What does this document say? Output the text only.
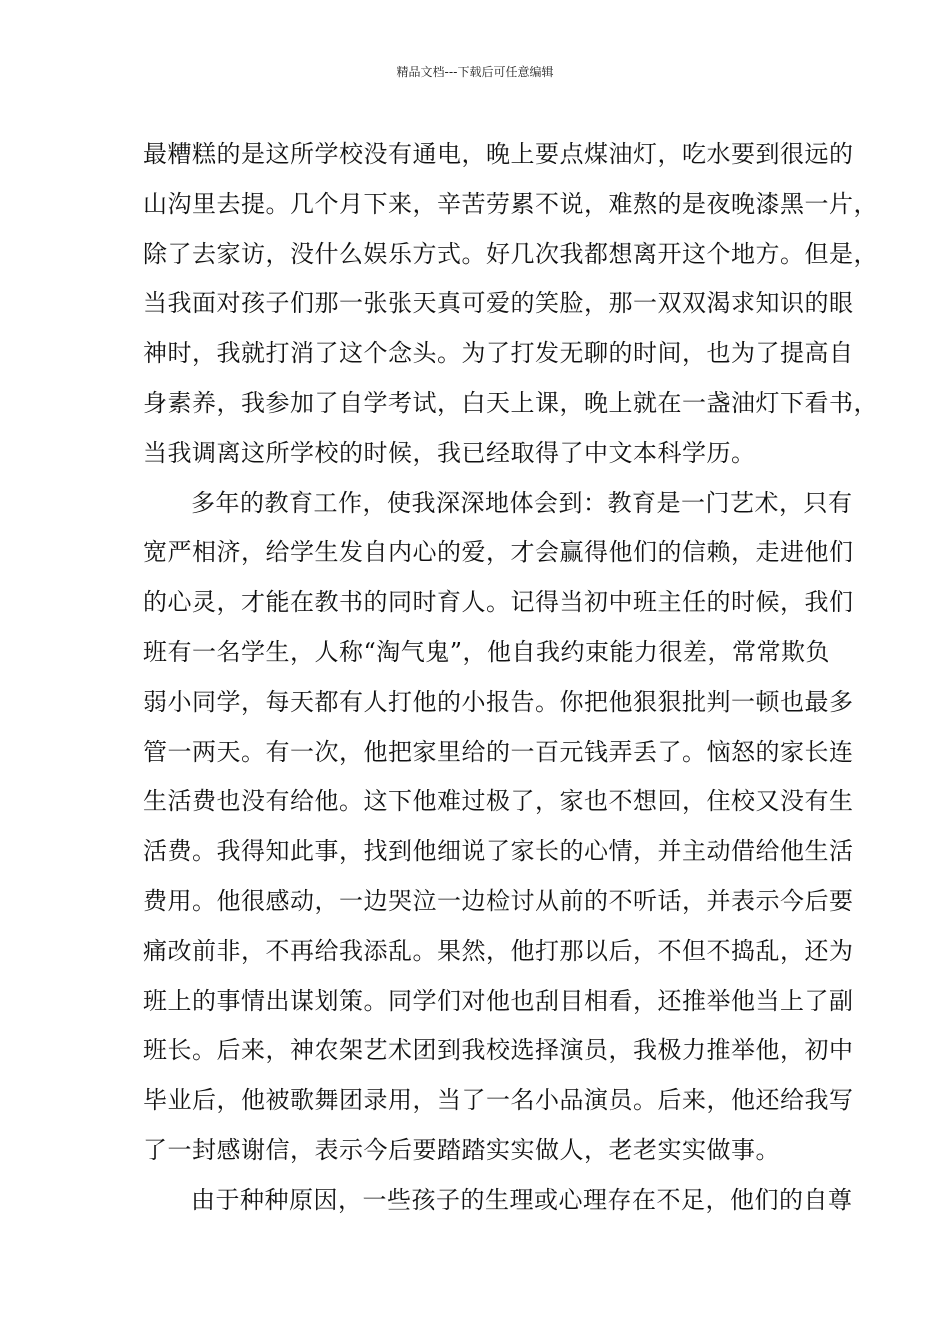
精品文档---下载后可任意编辑
最糟糕的是这所学校没有通电，晚上要点煤油灯，吃水要到很远的
山沟里去提。几个月下来，辛苦劳累不说，难熬的是夜晚漆黑一片，
除了去家访，没什么娱乐方式。好几次我都想离开这个地方。但是，
当我面对孩子们那一张张天真可爱的笑脸，那一双双渴求知识的眼
神时，我就打消了这个念头。为了打发无聊的时间，也为了提高自
身素养，我参加了自学考试，白天上课，晚上就在一盏油灯下看书，
当我调离这所学校的时候，我已经取得了中文本科学历。
多年的教育工作，使我深深地体会到：教育是一门艺术，只有
宽严相济，给学生发自内心的爱，才会赢得他们的信赖，走进他们
的心灵，才能在教书的同时育人。记得当初中班主任的时候，我们
班有一名学生，人称“淘气鬼”，他自我约束能力很差，常常欺负
弱小同学，每天都有人打他的小报告。你把他狠狠批判一顿也最多
管一两天。有一次，他把家里给的一百元钱弄丢了。恼怒的家长连
生活费也没有给他。这下他难过极了，家也不想回，住校又没有生
活费。我得知此事，找到他细说了家长的心情，并主动借给他生活
费用。他很感动，一边哭泣一边检讨从前的不听话，并表示今后要
痛改前非，不再给我添乱。果然，他打那以后，不但不捣乱，还为
班上的事情出谋划策。同学们对他也刮目相看，还推举他当上了副
班长。后来，神农架艺术团到我校选择演员，我极力推举他，初中
毕业后，他被歌舞团录用，当了一名小品演员。后来，他还给我写
了一封感谢信，表示今后要踏踏实实做人，老老实实做事。
由于种种原因，一些孩子的生理或心理存在不足，他们的自尊
